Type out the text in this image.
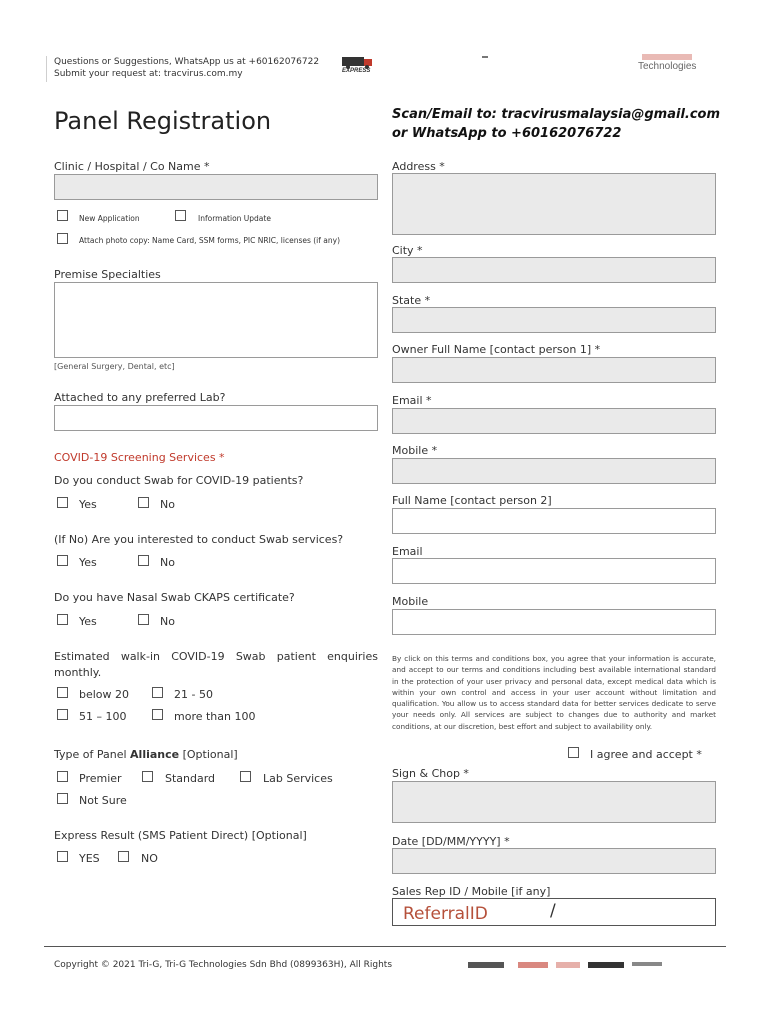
Questions or Suggestions, WhatsApp us at +60162076722
Submit your request at: tracvirus.com.my	EXPRESS	Technologies
Panel Registration	Scan/Email to: tracvirusmalaysia@gmail.com
or WhatsApp to +60162076722
Clinic / Hospital / Co Name *
New Application	Information Update
Attach photo copy: Name Card, SSM forms, PIC NRIC, licenses (if any)
Premise Specialties
[General Surgery, Dental, etc]
Attached to any preferred Lab?
COVID-19 Screening Services *
Do you conduct Swab for COVID-19 patients?
Yes	No
(If No) Are you interested to conduct Swab services?
Yes	No
Do you have Nasal Swab CKAPS certificate?
Yes	No
Estimated walk-in COVID-19 Swab patient enquiries
monthly.
below 20	21 - 50
51 – 100	more than 100
Type of Panel Alliance [Optional]
Premier	Standard	Lab Services
Not Sure
Express Result (SMS Patient Direct) [Optional]
YES	NO
Address *
City *
State *
Owner Full Name [contact person 1] *
Email *
Mobile *
Full Name [contact person 2]
Email
Mobile
By click on this terms and conditions box, you agree that your information is accurate, and accept to our terms and conditions including best available international standard in the protection of your user privacy and personal data, except medical data which is within your own control and access in your user account without limitation and qualification. You allow us to access standard data for better services dedicate to serve your needs only. All services are subject to changes due to authority and market conditions, at our discretion, best effort and subject to availability only.
I agree and accept *
Sign & Chop *
Date [DD/MM/YYYY] *
Sales Rep ID / Mobile [if any]
ReferralID	/
Copyright © 2021 Tri-G, Tri-G Technologies Sdn Bhd (0899363H), All Rights
